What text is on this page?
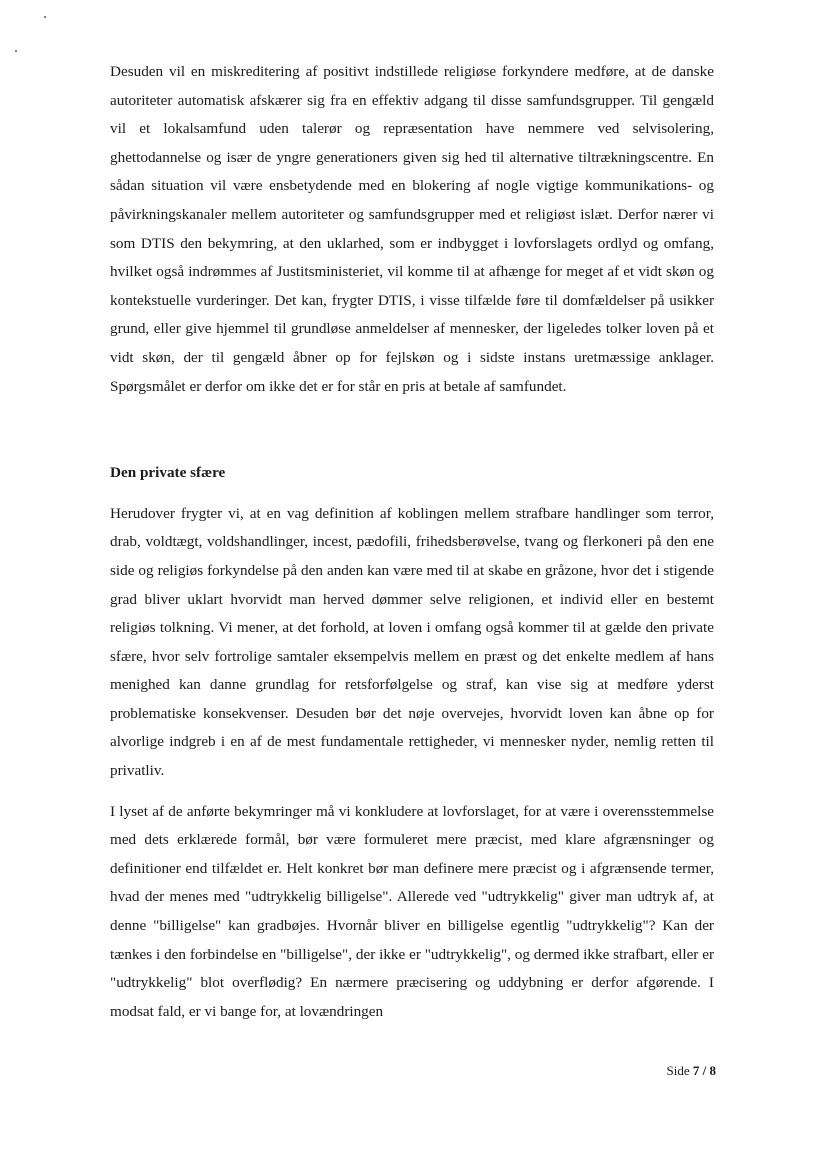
Desuden vil en miskreditering af positivt indstillede religiøse forkyndere medføre, at de danske autoriteter automatisk afskærer sig fra en effektiv adgang til disse samfundsgrupper. Til gengæld vil et lokalsamfund uden talerør og repræsentation have nemmere ved selvisolering, ghettodannelse og især de yngre generationers given sig hed til alternative tiltrækningscentre. En sådan situation vil være ensbetydende med en blokering af nogle vigtige kommunikations- og påvirkningskanaler mellem autoriteter og samfundsgrupper med et religiøst islæt. Derfor nærer vi som DTIS den bekymring, at den uklarhed, som er indbygget i lovforslagets ordlyd og omfang, hvilket også indrømmes af Justitsministeriet, vil komme til at afhænge for meget af et vidt skøn og kontekstuelle vurderinger. Det kan, frygter DTIS, i visse tilfælde føre til domfældelser på usikker grund, eller give hjemmel til grundløse anmeldelser af mennesker, der ligeledes tolker loven på et vidt skøn, der til gengæld åbner op for fejlskøn og i sidste instans uretmæssige anklager. Spørgsmålet er derfor om ikke det er for står en pris at betale af samfundet.

Den private sfære

Herudover frygter vi, at en vag definition af koblingen mellem strafbare handlinger som terror, drab, voldtægt, voldshandlinger, incest, pædofili, frihedsberøvelse, tvang og flerkoneri på den ene side og religiøs forkyndelse på den anden kan være med til at skabe en gråzone, hvor det i stigende grad bliver uklart hvorvidt man herved dømmer selve religionen, et individ eller en bestemt religiøs tolkning. Vi mener, at det forhold, at loven i omfang også kommer til at gælde den private sfære, hvor selv fortrolige samtaler eksempelvis mellem en præst og det enkelte medlem af hans menighed kan danne grundlag for retsforfølgelse og straf, kan vise sig at medføre yderst problematiske konsekvenser. Desuden bør det nøje overvejes, hvorvidt loven kan åbne op for alvorlige indgreb i en af de mest fundamentale rettigheder, vi mennesker nyder, nemlig retten til privatliv.

I lyset af de anførte bekymringer må vi konkludere at lovforslaget, for at være i overensstemmelse med dets erklærede formål, bør være formuleret mere præcist, med klare afgrænsninger og definitioner end tilfældet er. Helt konkret bør man definere mere præcist og i afgrænsende termer, hvad der menes med "udtrykkelig billigelse". Allerede ved "udtrykkelig" giver man udtryk af, at denne "billigelse" kan gradbøjes. Hvornår bliver en billigelse egentlig "udtrykkelig"? Kan der tænkes i den forbindelse en "billigelse", der ikke er "udtrykkelig", og dermed ikke strafbart, eller er "udtrykkelig" blot overflødig? En nærmere præcisering og uddybning er derfor afgørende. I modsat fald, er vi bange for, at lovændringen

Side 7 / 8
